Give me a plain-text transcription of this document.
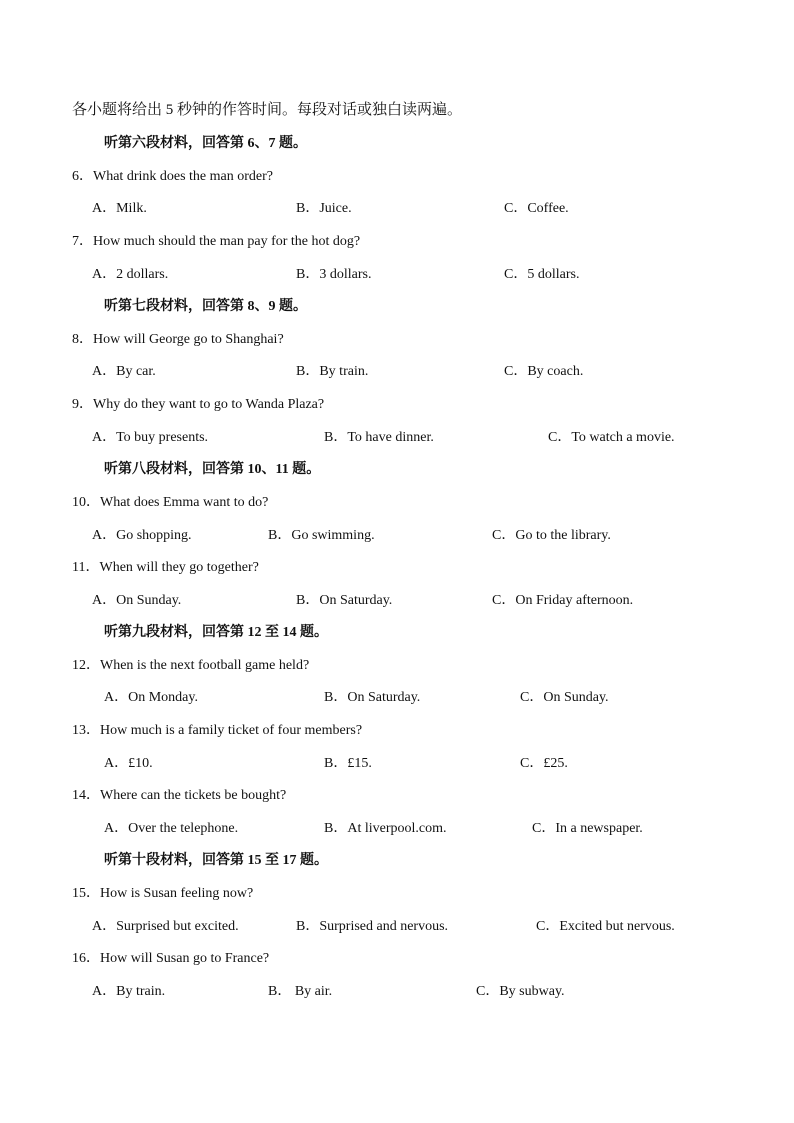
各小题将给出 5 秒钟的作答时间。每段对话或独白读两遍。
听第六段材料，回答第 6、7 题。
6．What drink does the man order?
A．Milk.	B．Juice.	C．Coffee.
7．How much should the man pay for the hot dog?
A．2 dollars.	B．3 dollars.	C．5 dollars.
听第七段材料，回答第 8、9 题。
8．How will George go to Shanghai?
A．By car.	B．By train.	C．By coach.
9．Why do they want to go to Wanda Plaza?
A．To buy presents.	B．To have dinner.	C．To watch a movie.
听第八段材料，回答第 10、11 题。
10．What does Emma want to do?
A．Go shopping.	B．Go swimming.	C．Go to the library.
11．When will they go together?
A．On Sunday.	B．On Saturday.	C．On Friday afternoon.
听第九段材料，回答第 12 至 14 题。
12．When is the next football game held?
A．On Monday.	B．On Saturday.	C．On Sunday.
13．How much is a family ticket of four members?
A．£10.	B．£15.	C．£25.
14．Where can the tickets be bought?
A．Over the telephone.	B．At liverpool.com.	C．In a newspaper.
听第十段材料，回答第 15 至 17 题。
15．How is Susan feeling now?
A．Surprised but excited.	B．Surprised and nervous.	C．Excited but nervous.
16．How will Susan go to France?
A．By train.	B． By air.	C．By subway.
